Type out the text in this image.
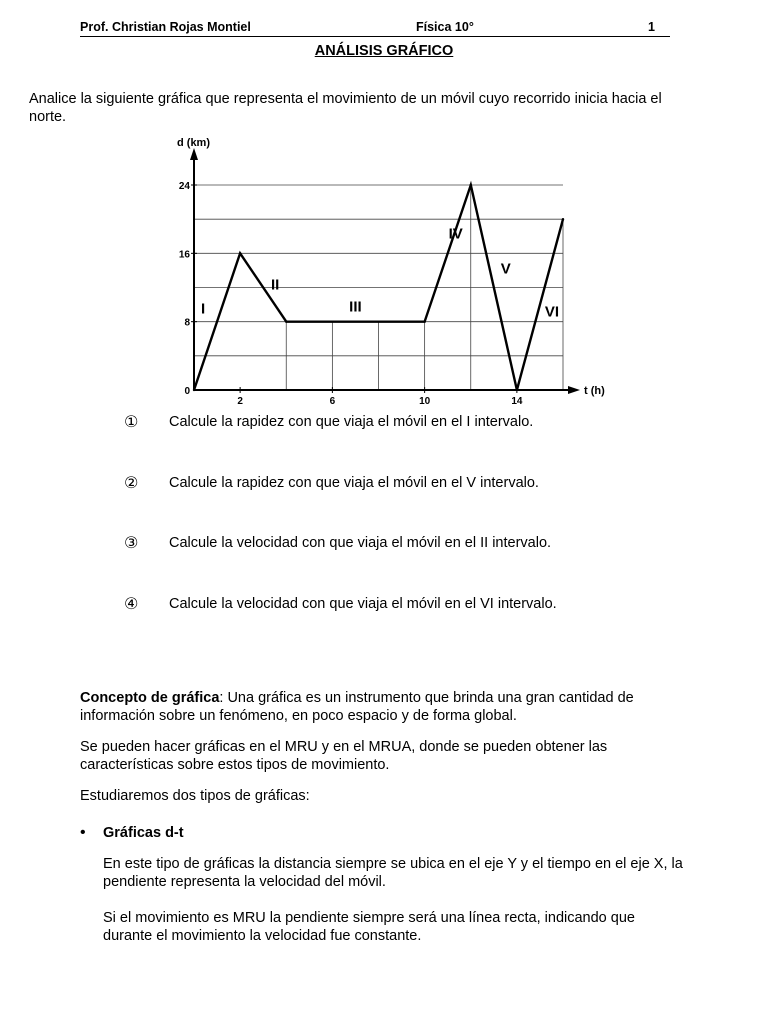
Prof. Christian Rojas Montiel	Física 10°	1
ANÁLISIS GRÁFICO
Analice la siguiente gráfica que representa el movimiento de un móvil cuyo recorrido inicia hacia el norte.
d (km)
t (h)
0
8
16
24
2	6	10	14
I
II
III
IV
V
VI
① Calcule la rapidez con que viaja el móvil en el I intervalo.
② Calcule la rapidez con que viaja el móvil en el V intervalo.
③ Calcule la velocidad con que viaja el móvil en el II intervalo.
④ Calcule la velocidad con que viaja el móvil en el VI intervalo.
Concepto de gráfica: Una gráfica es un instrumento que brinda una gran cantidad de información sobre un fenómeno, en poco espacio y de forma global.
Se pueden hacer gráficas en el MRU y en el MRUA, donde se pueden obtener las características sobre estos tipos de movimiento.
Estudiaremos dos tipos de gráficas:
• Gráficas d-t
En este tipo de gráficas la distancia siempre se ubica en el eje Y y el tiempo en el eje X, la pendiente representa la velocidad del móvil.
Si el movimiento es MRU la pendiente siempre será una línea recta, indicando que durante el movimiento la velocidad fue constante.
